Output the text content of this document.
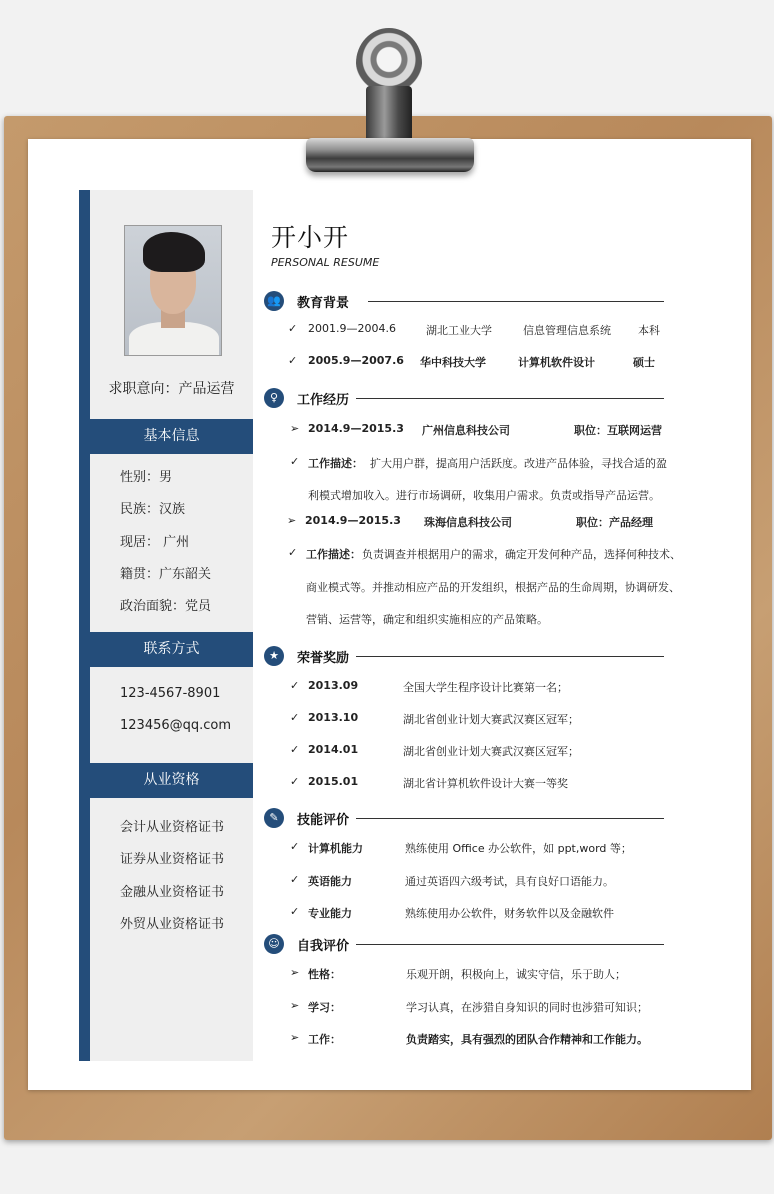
求职意向：产品运营
基本信息
性别：男
民族：汉族
现居： 广州
籍贯：广东韶关
政治面貌：党员
联系方式
123-4567-8901
123456@qq.com
从业资格
会计从业资格证书
证券从业资格证书
金融从业资格证书
外贸从业资格证书
开小开
PERSONAL RESUME
👥 教育背景
✓ 2001.9—2004.6	湖北工业大学	信息管理信息系统 本科
✓ 2005.9—2007.6 华中科技大学	计算机软件设计	硕士
♀	工作经历
➢ 2014.9—2015.3 广州信息科技公司	职位：互联网运营
✓ 工作描述： 扩大用户群，提高用户活跃度。改进产品体验，寻找合适的盈
利模式增加收入。进行市场调研，收集用户需求。负责或指导产品运营。
➢ 2014.9—2015.3 珠海信息科技公司	职位：产品经理
✓ 工作描述： 负责调查并根据用户的需求，确定开发何种产品，选择何种技术、
商业模式等。并推动相应产品的开发组织，根据产品的生命周期，协调研发、
营销、运营等，确定和组织实施相应的产品策略。
★	荣誉奖励
✓ 2013.09	全国大学生程序设计比赛第一名；
✓ 2013.10	湖北省创业计划大赛武汉赛区冠军；
✓ 2014.01	湖北省创业计划大赛武汉赛区冠军；
✓ 2015.01	湖北省计算机软件设计大赛一等奖
✎	技能评价
✓ 计算机能力	熟练使用 Office 办公软件，如 ppt,word 等；
✓ 英语能力	通过英语四六级考试，具有良好口语能力。
✓ 专业能力	熟练使用办公软件，财务软件以及金融软件
☺	自我评价
➢ 性格：	乐观开朗，积极向上，诚实守信，乐于助人；
➢ 学习：	学习认真，在涉猎自身知识的同时也涉猎可知识；
➢ 工作：	负责踏实，具有强烈的团队合作精神和工作能力。
